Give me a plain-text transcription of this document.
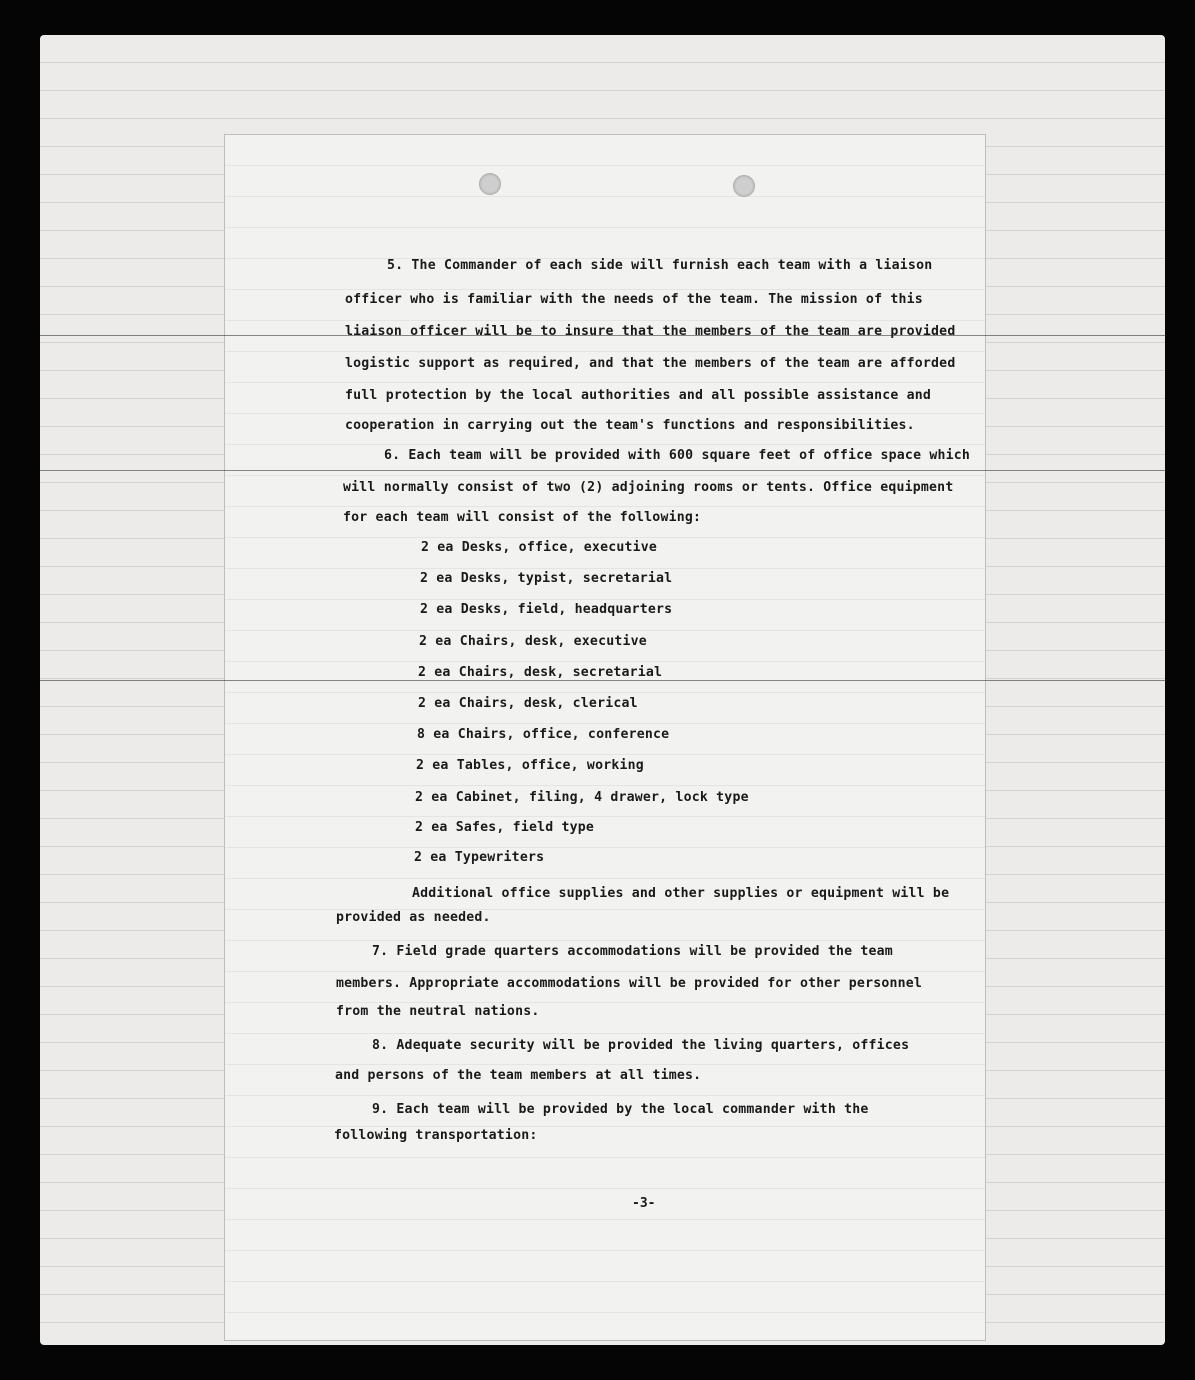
5. The Commander of each side will furnish each team with a liaison
officer who is familiar with the needs of the team. The mission of this
liaison officer will be to insure that the members of the team are provided
logistic support as required, and that the members of the team are afforded
full protection by the local authorities and all possible assistance and
cooperation in carrying out the team's functions and responsibilities.
6. Each team will be provided with 600 square feet of office space which
will normally consist of two (2) adjoining rooms or tents. Office equipment
for each team will consist of the following:
2 ea Desks, office, executive
2 ea Desks, typist, secretarial
2 ea Desks, field, headquarters
2 ea Chairs, desk, executive
2 ea Chairs, desk, secretarial
2 ea Chairs, desk, clerical
8 ea Chairs, office, conference
2 ea Tables, office, working
2 ea Cabinet, filing, 4 drawer, lock type
2 ea Safes, field type
2 ea Typewriters
Additional office supplies and other supplies or equipment will be
provided as needed.
7. Field grade quarters accommodations will be provided the team
members. Appropriate accommodations will be provided for other personnel
from the neutral nations.
8. Adequate security will be provided the living quarters, offices
and persons of the team members at all times.
9. Each team will be provided by the local commander with the
following transportation:
-3-
